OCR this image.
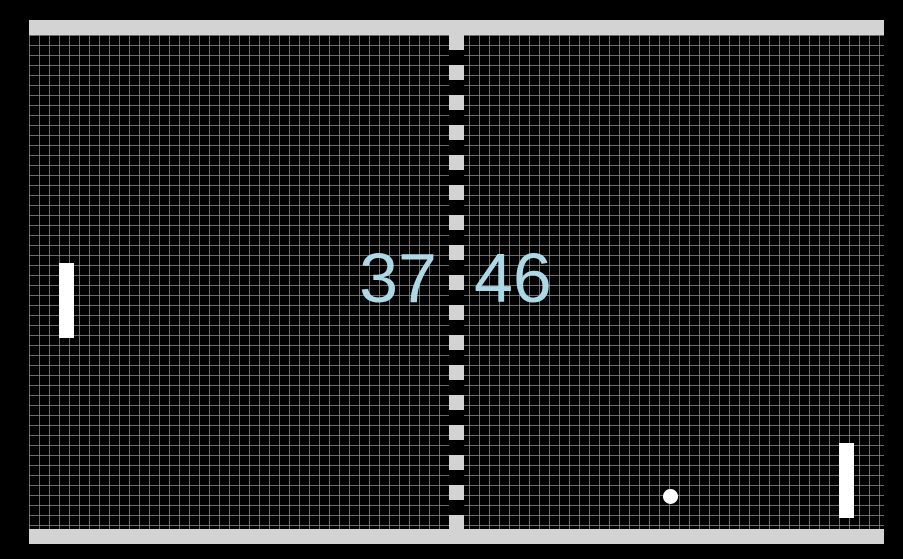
37 46
